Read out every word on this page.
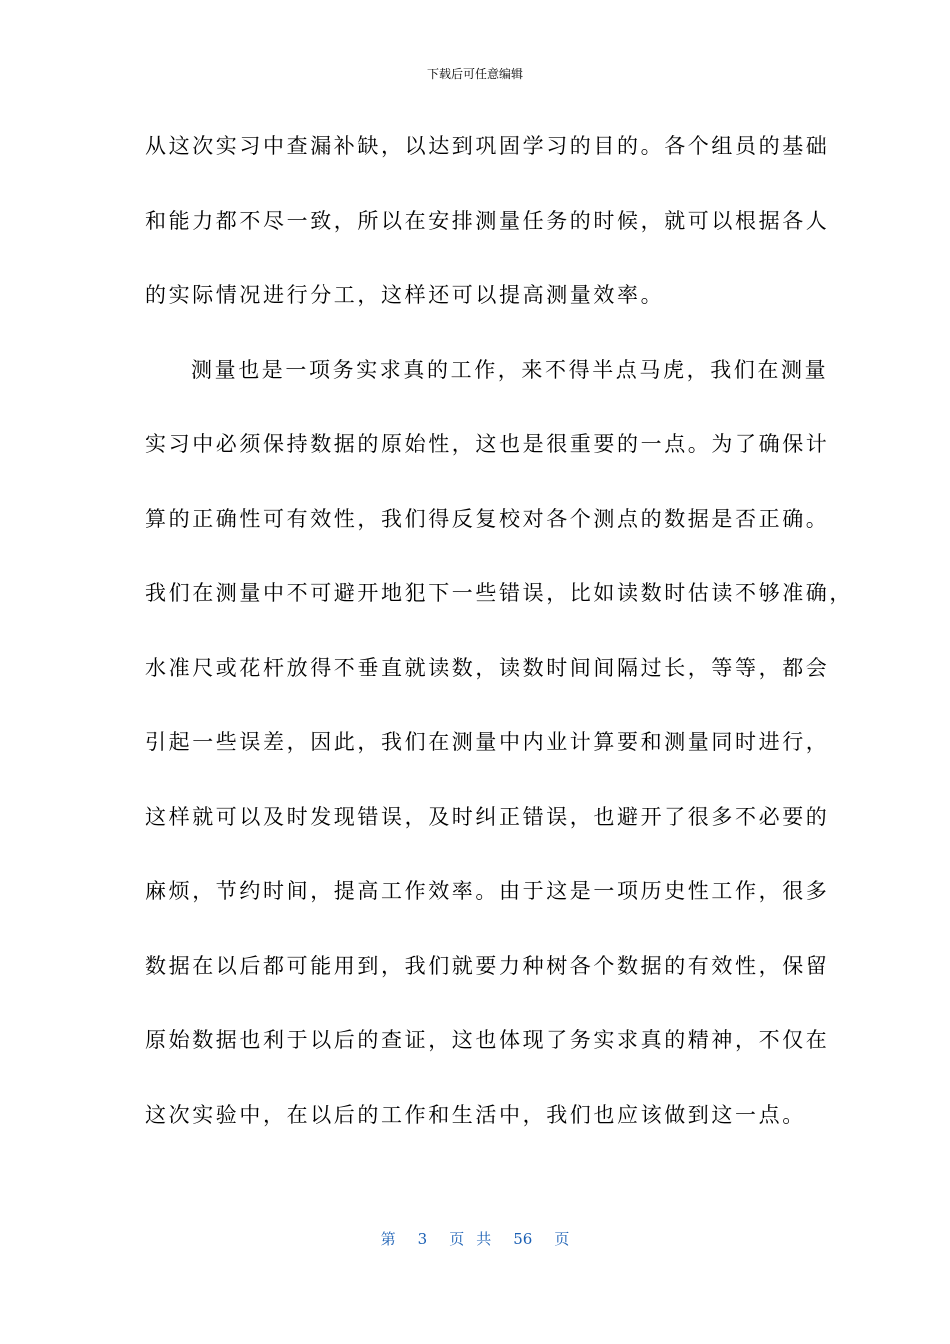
下载后可任意编辑
从这次实习中查漏补缺，以达到巩固学习的目的。各个组员的基础
和能力都不尽一致，所以在安排测量任务的时候，就可以根据各人
的实际情况进行分工，这样还可以提高测量效率。
测量也是一项务实求真的工作，来不得半点马虎，我们在测量
实习中必须保持数据的原始性，这也是很重要的一点。为了确保计
算的正确性可有效性，我们得反复校对各个测点的数据是否正确。
我们在测量中不可避开地犯下一些错误，比如读数时估读不够准确，
水准尺或花杆放得不垂直就读数，读数时间间隔过长，等等，都会
引起一些误差，因此，我们在测量中内业计算要和测量同时进行，
这样就可以及时发现错误，及时纠正错误，也避开了很多不必要的
麻烦，节约时间，提高工作效率。由于这是一项历史性工作，很多
数据在以后都可能用到，我们就要力种树各个数据的有效性，保留
原始数据也利于以后的查证，这也体现了务实求真的精神，不仅在
这次实验中，在以后的工作和生活中，我们也应该做到这一点。
第 3 页 共 56 页
